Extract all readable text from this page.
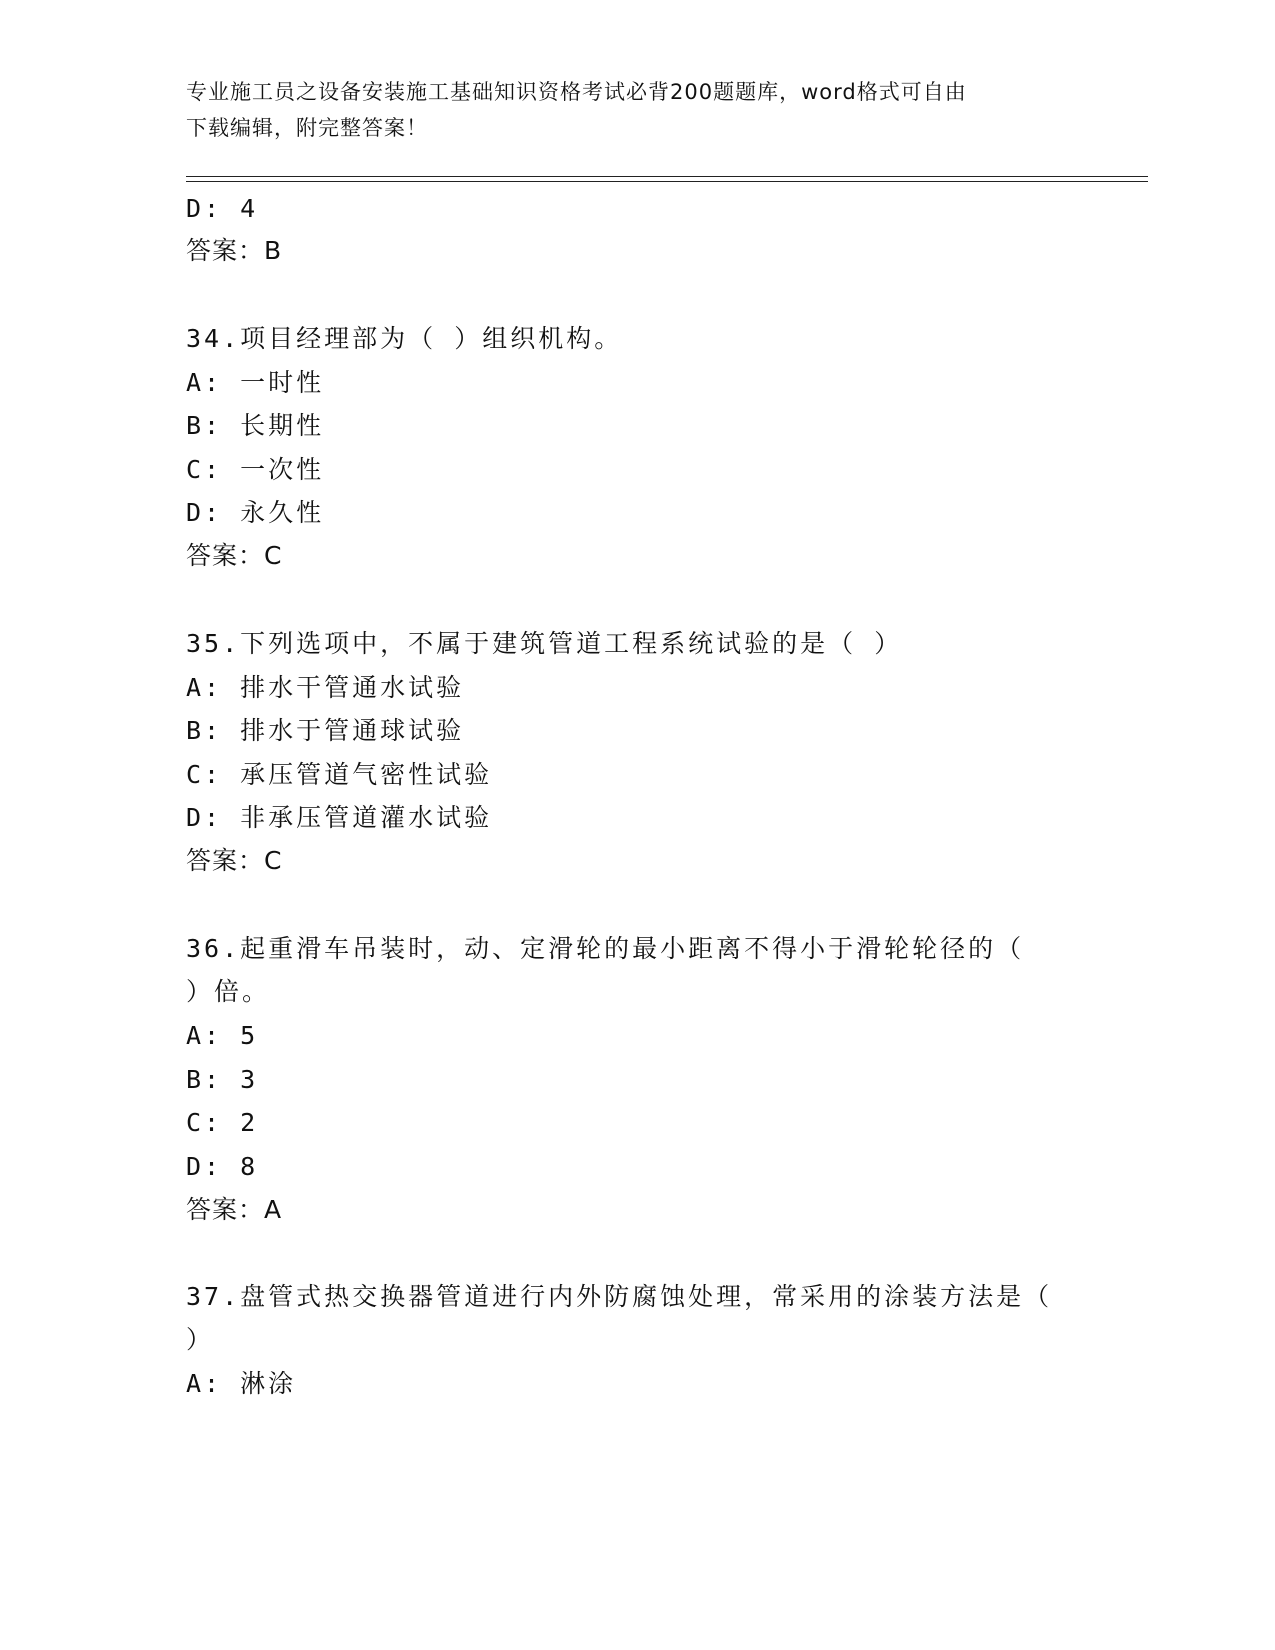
专业施工员之设备安装施工基础知识资格考试必背200题题库，word格式可自由
下载编辑，附完整答案！
D: 4
答案：B
34.项目经理部为（ ）组织机构。
A: 一时性
B: 长期性
C: 一次性
D: 永久性
答案：C
35.下列选项中，不属于建筑管道工程系统试验的是（ ）
A: 排水干管通水试验
B: 排水于管通球试验
C: 承压管道气密性试验
D: 非承压管道灌水试验
答案：C
36.起重滑车吊装时，动、定滑轮的最小距离不得小于滑轮轮径的（
）倍。
A: 5
B: 3
C: 2
D: 8
答案：A
37.盘管式热交换器管道进行内外防腐蚀处理，常采用的涂装方法是（
）
A: 淋涂
